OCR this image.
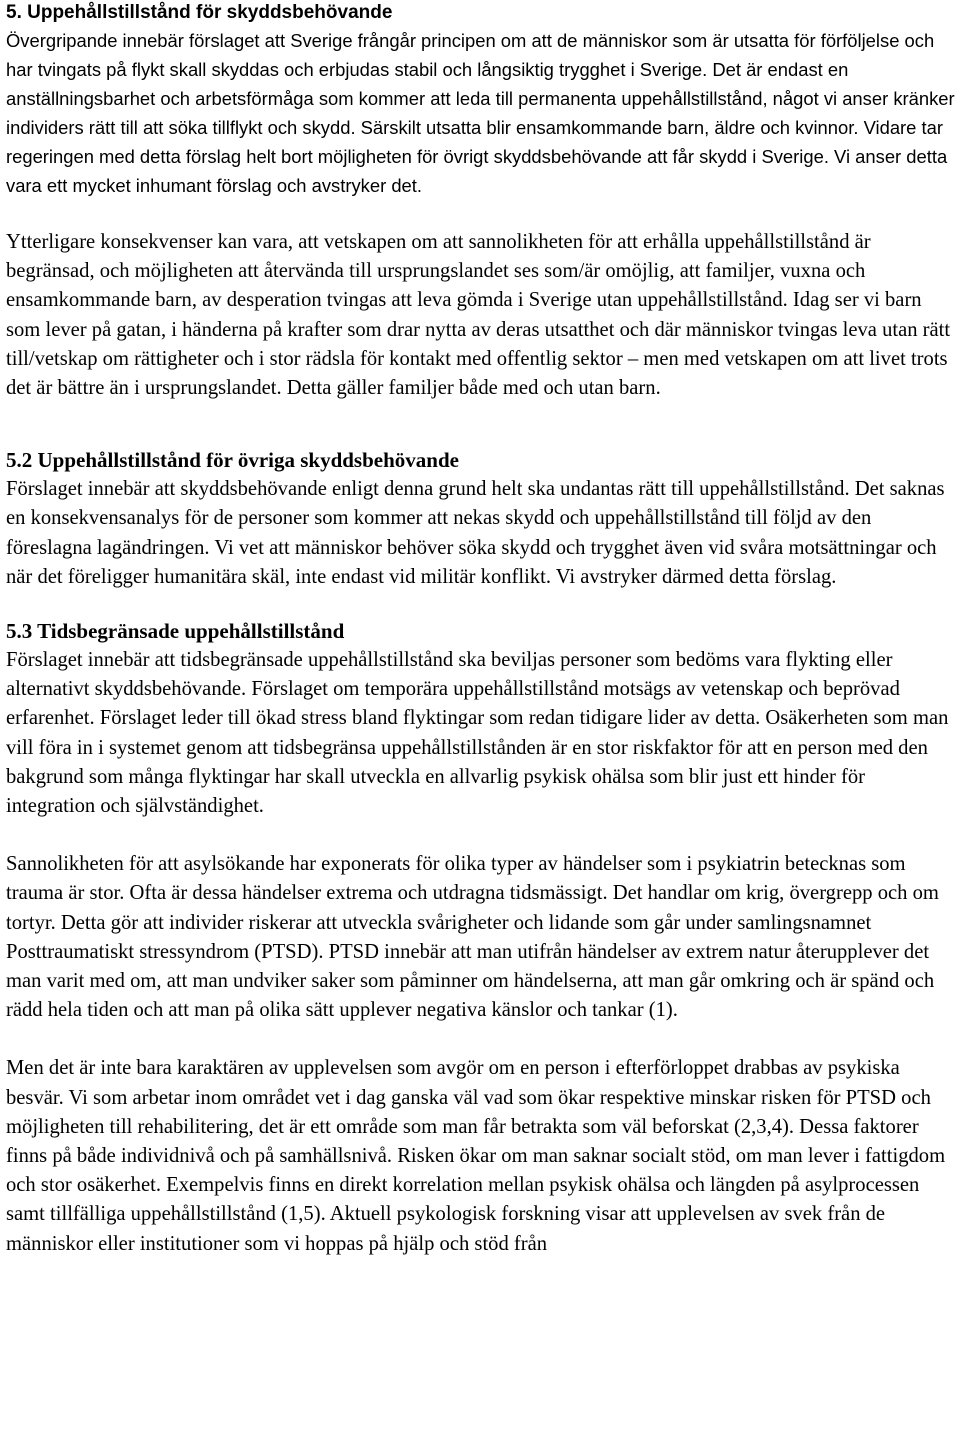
5. Uppehållstillstånd för skyddsbehövande

Övergripande innebär förslaget att Sverige frångår principen om att de människor som är utsatta för förföljelse och har tvingats på flykt skall skyddas och erbjudas stabil och långsiktig trygghet i Sverige. Det är endast en anställningsbarhet och arbetsförmåga som kommer att leda till permanenta uppehållstillstånd, något vi anser kränker individers rätt till att söka tillflykt och skydd. Särskilt utsatta blir ensamkommande barn, äldre och kvinnor. Vidare tar regeringen med detta förslag helt bort möjligheten för övrigt skyddsbehövande att får skydd i Sverige. Vi anser detta vara ett mycket inhumant förslag och avstryker det.

Ytterligare konsekvenser kan vara, att vetskapen om att sannolikheten för att erhålla uppehållstillstånd är begränsad, och möjligheten att återvända till ursprungslandet ses som/är omöjlig, att familjer, vuxna och ensamkommande barn, av desperation tvingas att leva gömda i Sverige utan uppehållstillstånd. Idag ser vi barn som lever på gatan, i händerna på krafter som drar nytta av deras utsatthet och där människor tvingas leva utan rätt till/vetskap om rättigheter och i stor rädsla för kontakt med offentlig sektor – men med vetskapen om att livet trots det är bättre än i ursprungslandet. Detta gäller familjer både med och utan barn.

5.2 Uppehållstillstånd för övriga skyddsbehövande

Förslaget innebär att skyddsbehövande enligt denna grund helt ska undantas rätt till uppehållstillstånd. Det saknas en konsekvensanalys för de personer som kommer att nekas skydd och uppehållstillstånd till följd av den föreslagna lagändringen. Vi vet att människor behöver söka skydd och trygghet även vid svåra motsättningar och när det föreligger humanitära skäl, inte endast vid militär konflikt. Vi avstryker därmed detta förslag.

5.3 Tidsbegränsade uppehållstillstånd

Förslaget innebär att tidsbegränsade uppehållstillstånd ska beviljas personer som bedöms vara flykting eller alternativt skyddsbehövande. Förslaget om temporära uppehållstillstånd motsägs av vetenskap och beprövad erfarenhet. Förslaget leder till ökad stress bland flyktingar som redan tidigare lider av detta. Osäkerheten som man vill föra in i systemet genom att tidsbegränsa uppehållstillstånden är en stor riskfaktor för att en person med den bakgrund som många flyktingar har skall utveckla en allvarlig psykisk ohälsa som blir just ett hinder för integration och självständighet.

Sannolikheten för att asylsökande har exponerats för olika typer av händelser som i psykiatrin betecknas som trauma är stor. Ofta är dessa händelser extrema och utdragna tidsmässigt. Det handlar om krig, övergrepp och om tortyr. Detta gör att individer riskerar att utveckla svårigheter och lidande som går under samlingsnamnet Posttraumatiskt stressyndrom (PTSD). PTSD innebär att man utifrån händelser av extrem natur återupplever det man varit med om, att man undviker saker som påminner om händelserna, att man går omkring och är spänd och rädd hela tiden och att man på olika sätt upplever negativa känslor och tankar (1).

Men det är inte bara karaktären av upplevelsen som avgör om en person i efterförloppet drabbas av psykiska besvär. Vi som arbetar inom området vet i dag ganska väl vad som ökar respektive minskar risken för PTSD och möjligheten till rehabilitering, det är ett område som man får betrakta som väl beforskat (2,3,4). Dessa faktorer finns på både individnivå och på samhällsnivå. Risken ökar om man saknar socialt stöd, om man lever i fattigdom och stor osäkerhet. Exempelvis finns en direkt korrelation mellan psykisk ohälsa och längden på asylprocessen samt tillfälliga uppehållstillstånd (1,5). Aktuell psykologisk forskning visar att upplevelsen av svek från de människor eller institutioner som vi hoppas på hjälp och stöd från
